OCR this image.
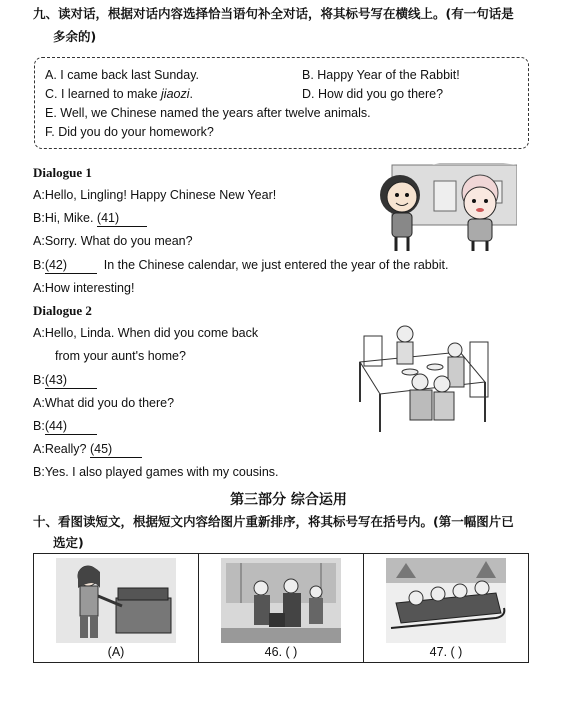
九、读对话，根据对话内容选择恰当语句补全对话，将其标号写在横线上。(有一句话是
多余的)
A. I came back last Sunday.	B. Happy Year of the Rabbit!
C. I learned to make jiaozi.	D. How did you go there?
E. Well, we Chinese named the years after twelve animals.
F. Did you do your homework?
Dialogue 1
A:Hello, Lingling! Happy Chinese New Year!
B:Hi, Mike. (41)
A:Sorry. What do you mean?
B:(42)	In the Chinese calendar, we just entered the year of the rabbit.
A:How interesting!
Dialogue 2
A:Hello, Linda. When did you come back
from your aunt's home?
B:(43)
A:What did you do there?
B:(44)
A:Really? (45)
B:Yes. I also played games with my cousins.
第三部分 综合运用
十、看图读短文，根据短文内容给图片重新排序，将其标号写在括号内。(第一幅图片已
选定)
(A)	46. ( )	47. ( )
